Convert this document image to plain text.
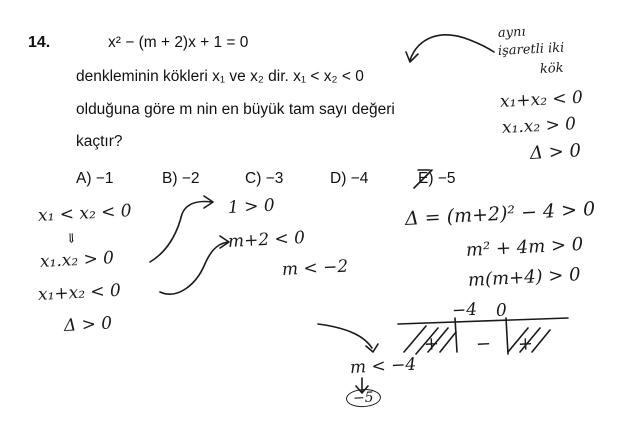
14.	x² − (m + 2)x + 1 = 0
denkleminin kökleri x₁ ve x₂ dir. x₁ < x₂ < 0
olduğuna göre m nin en büyük tam sayı değeri
kaçtır?
A) −1	B) −2	C) −3	D) −4	E) −5
aynı
işaretli iki
kök
x₁+x₂ < 0
x₁.x₂ > 0
Δ > 0
x₁ < x₂ < 0
⇓
x₁.x₂ > 0
x₁+x₂ < 0
Δ > 0
1 > 0
m+2 < 0
m < −2
Δ = (m+2)² − 4 > 0
m² + 4m > 0
m(m+4) > 0
−4 0
+ − +
m < −4
−5
